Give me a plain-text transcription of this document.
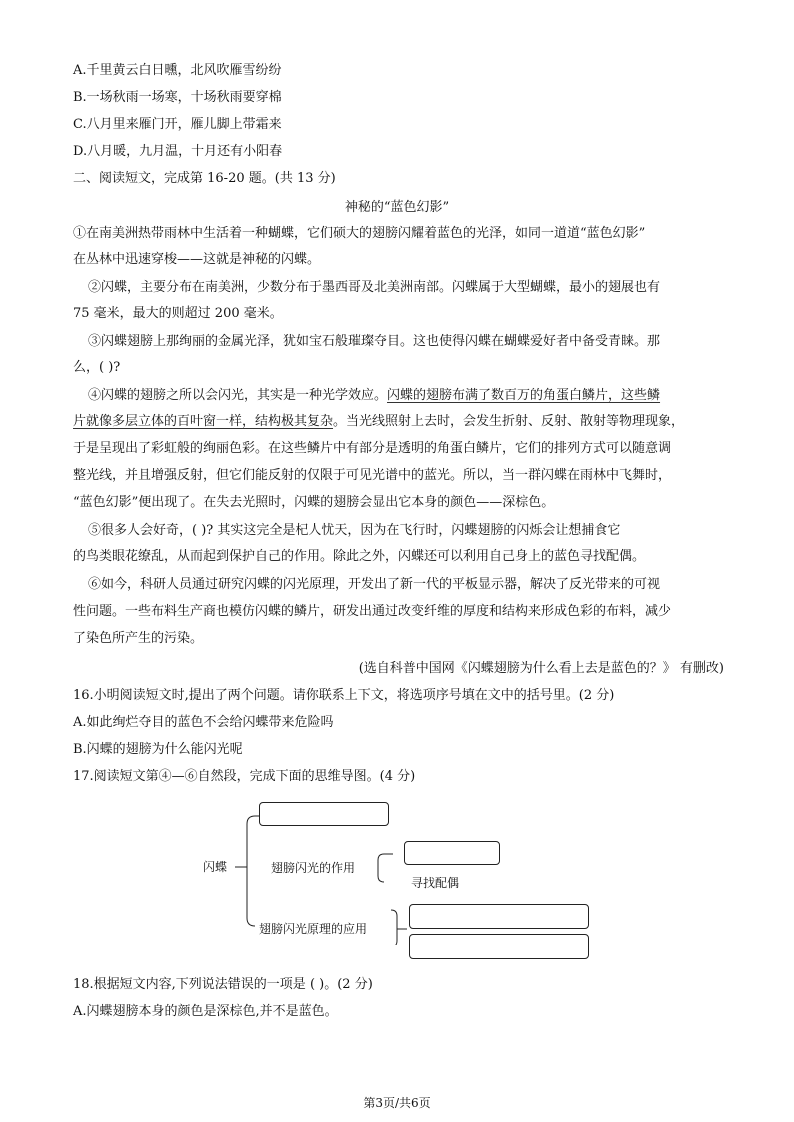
A.千里黄云白日曛，北风吹雁雪纷纷
B.一场秋雨一场寒，十场秋雨要穿棉
C.八月里来雁门开，雁儿脚上带霜来
D.八月暖，九月温，十月还有小阳春
二、阅读短文，完成第 16-20 题。(共 13 分)
神秘的“蓝色幻影”
①在南美洲热带雨林中生活着一种蝴蝶，它们硕大的翅膀闪耀着蓝色的光泽，如同一道道“蓝色幻影”
在丛林中迅速穿梭——这就是神秘的闪蝶。
②闪蝶，主要分布在南美洲，少数分布于墨西哥及北美洲南部。闪蝶属于大型蝴蝶，最小的翅展也有
75 毫米，最大的则超过 200 毫米。
③闪蝶翅膀上那绚丽的金属光泽，犹如宝石般璀璨夺目。这也使得闪蝶在蝴蝶爱好者中备受青睐。那
么，( )?
④闪蝶的翅膀之所以会闪光，其实是一种光学效应。闪蝶的翅膀布满了数百万的角蛋白鳞片，这些鳞
片就像多层立体的百叶窗一样，结构极其复杂。当光线照射上去时，会发生折射、反射、散射等物理现象，
于是呈现出了彩虹般的绚丽色彩。在这些鳞片中有部分是透明的角蛋白鳞片，它们的排列方式可以随意调
整光线，并且增强反射，但它们能反射的仅限于可见光谱中的蓝光。所以，当一群闪蝶在雨林中飞舞时，
“蓝色幻影”便出现了。在失去光照时，闪蝶的翅膀会显出它本身的颜色——深棕色。
⑤很多人会好奇，( )? 其实这完全是杞人忧天，因为在飞行时，闪蝶翅膀的闪烁会让想捕食它
的鸟类眼花缭乱，从而起到保护自己的作用。除此之外，闪蝶还可以利用自己身上的蓝色寻找配偶。
⑥如今，科研人员通过研究闪蝶的闪光原理，开发出了新一代的平板显示器，解决了反光带来的可视
性问题。一些布料生产商也模仿闪蝶的鳞片，研发出通过改变纤维的厚度和结构来形成色彩的布料，减少
了染色所产生的污染。
(选自科普中国网《闪蝶翅膀为什么看上去是蓝色的？》 有删改)
16.小明阅读短文时,提出了两个问题。请你联系上下文，将选项序号填在文中的括号里。(2 分)
A.如此绚烂夺目的蓝色不会给闪蝶带来危险吗
B.闪蝶的翅膀为什么能闪光呢
17.阅读短文第④—⑥自然段，完成下面的思维导图。(4 分)
闪蝶	翅膀闪光的作用
寻找配偶
翅膀闪光原理的应用
18.根据短文内容,下列说法错误的一项是 ( )。(2 分)
A.闪蝶翅膀本身的颜色是深棕色,并不是蓝色。
第3页/共6页
